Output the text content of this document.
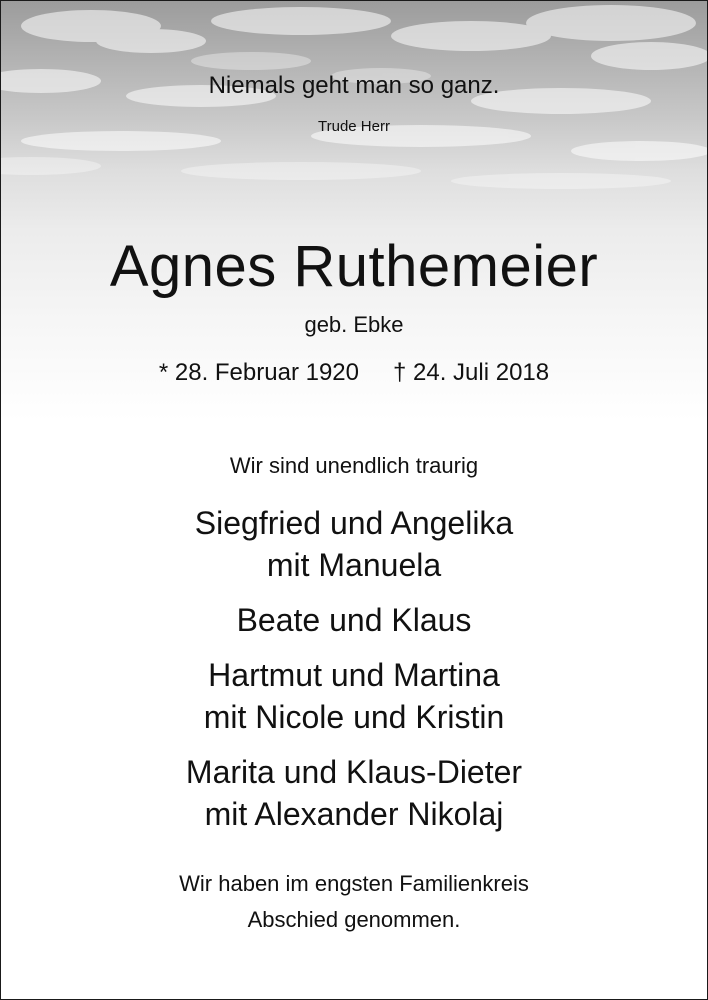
Niemals geht man so ganz.
Trude Herr
Agnes Ruthemeier
geb. Ebke
* 28. Februar 1920 † 24. Juli 2018
Wir sind unendlich traurig
Siegfried und Angelika
mit Manuela
Beate und Klaus
Hartmut und Martina
mit Nicole und Kristin
Marita und Klaus-Dieter
mit Alexander Nikolaj
Wir haben im engsten Familienkreis
Abschied genommen.
